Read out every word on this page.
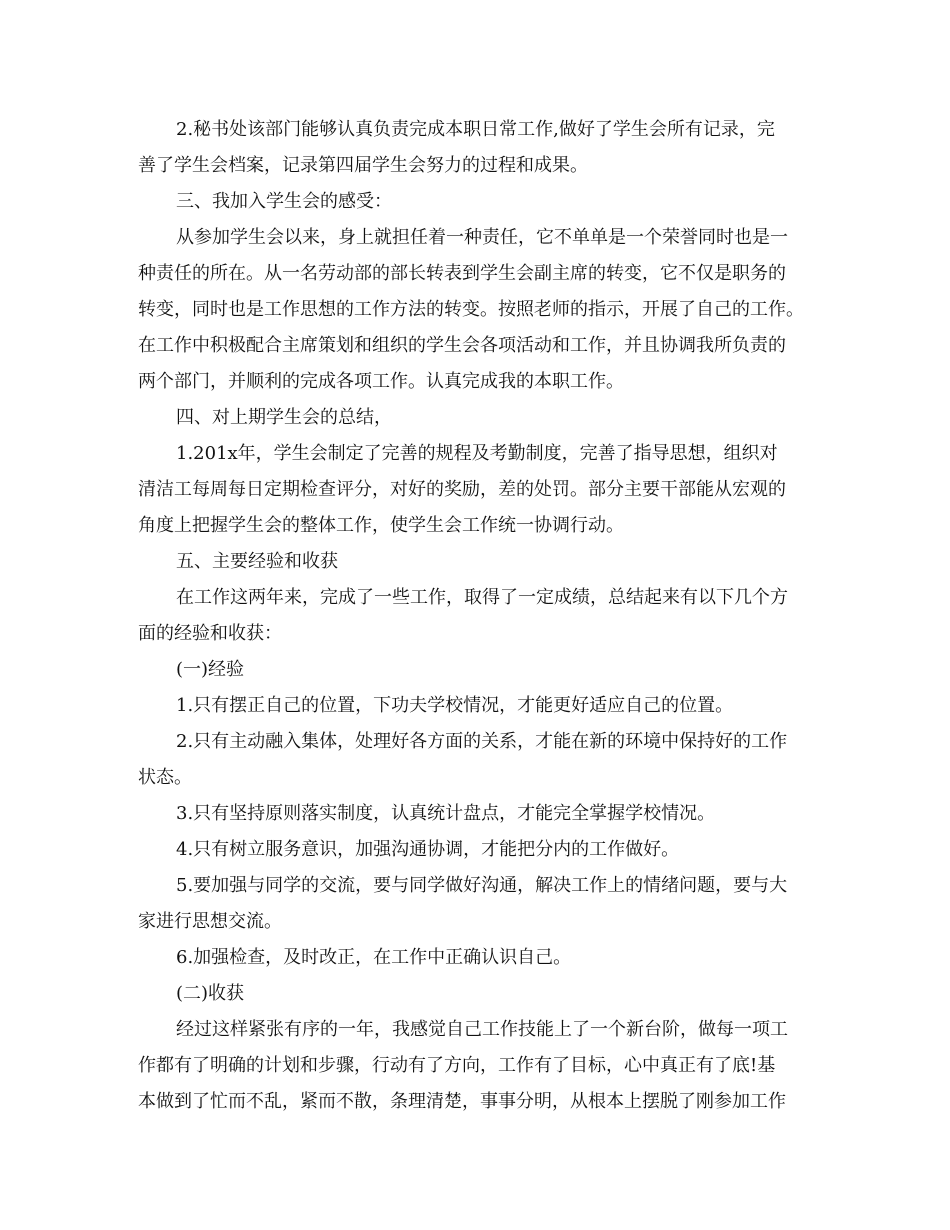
2.秘书处该部门能够认真负责完成本职日常工作,做好了学生会所有记录，完
善了学生会档案，记录第四届学生会努力的过程和成果。
三、我加入学生会的感受：
从参加学生会以来，身上就担任着一种责任，它不单单是一个荣誉同时也是一
种责任的所在。从一名劳动部的部长转表到学生会副主席的转变，它不仅是职务的
转变，同时也是工作思想的工作方法的转变。按照老师的指示，开展了自己的工作。
在工作中积极配合主席策划和组织的学生会各项活动和工作，并且协调我所负责的
两个部门，并顺利的完成各项工作。认真完成我的本职工作。
四、对上期学生会的总结，
1.201x年，学生会制定了完善的规程及考勤制度，完善了指导思想，组织对
清洁工每周每日定期检查评分，对好的奖励，差的处罚。部分主要干部能从宏观的
角度上把握学生会的整体工作，使学生会工作统一协调行动。
五、主要经验和收获
在工作这两年来，完成了一些工作，取得了一定成绩，总结起来有以下几个方
面的经验和收获：
(一)经验
1.只有摆正自己的位置，下功夫学校情况，才能更好适应自己的位置。
2.只有主动融入集体，处理好各方面的关系，才能在新的环境中保持好的工作
状态。
3.只有坚持原则落实制度，认真统计盘点，才能完全掌握学校情况。
4.只有树立服务意识，加强沟通协调，才能把分内的工作做好。
5.要加强与同学的交流，要与同学做好沟通，解决工作上的情绪问题，要与大
家进行思想交流。
6.加强检查，及时改正，在工作中正确认识自己。
(二)收获
经过这样紧张有序的一年，我感觉自己工作技能上了一个新台阶，做每一项工
作都有了明确的计划和步骤，行动有了方向，工作有了目标，心中真正有了底!基
本做到了忙而不乱，紧而不散，条理清楚，事事分明，从根本上摆脱了刚参加工作
